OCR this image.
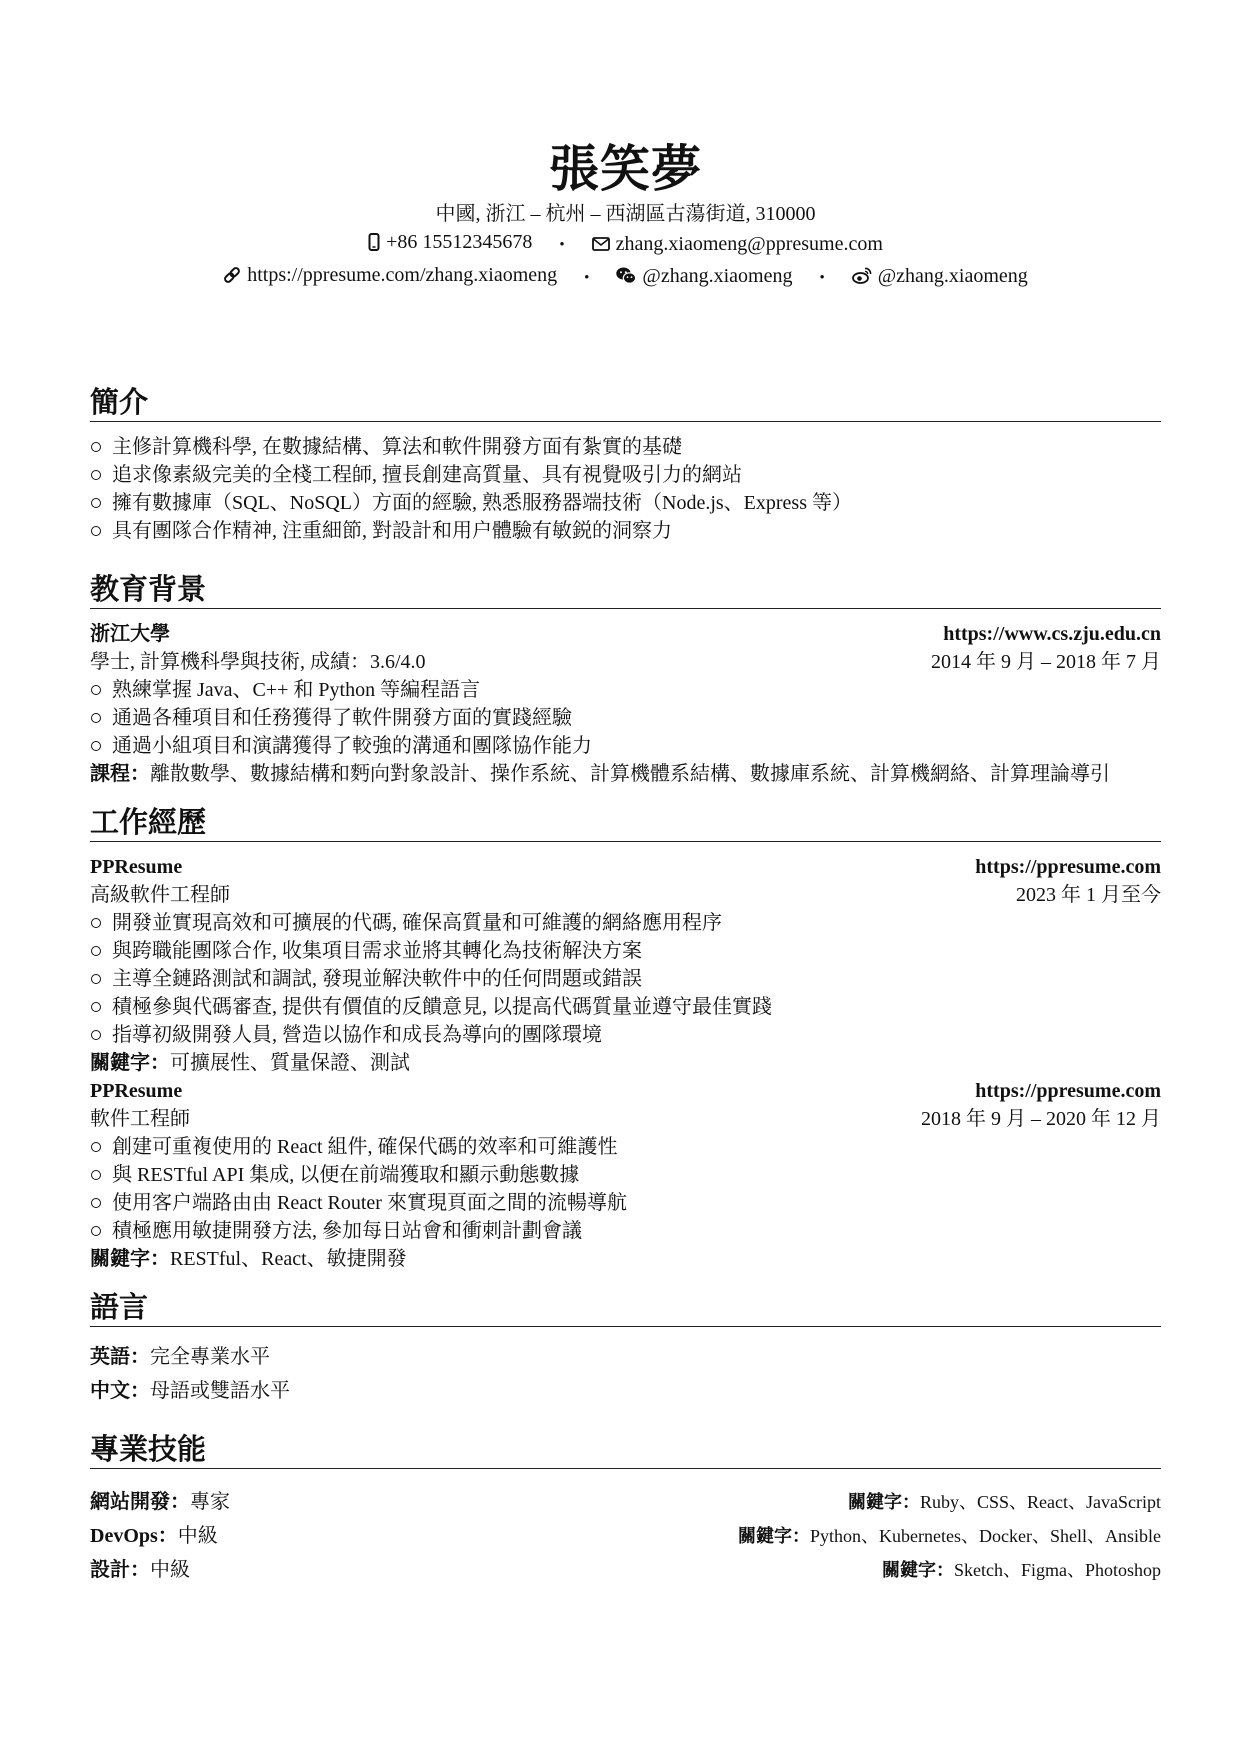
張笑夢
中國, 浙江 – 杭州 – 西湖區古蕩街道, 310000
+86 15512345678 •	zhang.xiaomeng@ppresume.com
https://ppresume.com/zhang.xiaomeng •	@zhang.xiaomeng •	@zhang.xiaomeng
簡介
主修計算機科學, 在數據結構、算法和軟件開發方面有紮實的基礎
追求像素級完美的全棧工程師, 擅長創建高質量、具有視覺吸引力的網站
擁有數據庫（SQL、NoSQL）方面的經驗, 熟悉服務器端技術（Node.js、Express 等）
具有團隊合作精神, 注重細節, 對設計和用户體驗有敏鋭的洞察力
教育背景
浙江大學	https://www.cs.zju.edu.cn
學士, 計算機科學與技術, 成績：3.6/4.0	2014 年 9 月 – 2018 年 7 月
熟練掌握 Java、C++ 和 Python 等編程語言
通過各種項目和任務獲得了軟件開發方面的實踐經驗
通過小組項目和演講獲得了較強的溝通和團隊協作能力
課程：離散數學、數據結構和麪向對象設計、操作系統、計算機體系結構、數據庫系統、計算機網絡、計算理論導引
工作經歷
PPResume	https://ppresume.com
高級軟件工程師	2023 年 1 月至今
開發並實現高效和可擴展的代碼, 確保高質量和可維護的網絡應用程序
與跨職能團隊合作, 收集項目需求並將其轉化為技術解決方案
主導全鏈路測試和調試, 發現並解決軟件中的任何問題或錯誤
積極參與代碼審查, 提供有價值的反饋意見, 以提高代碼質量並遵守最佳實踐
指導初級開發人員, 營造以協作和成長為導向的團隊環境
關鍵字：可擴展性、質量保證、測試
PPResume	https://ppresume.com
軟件工程師	2018 年 9 月 – 2020 年 12 月
創建可重複使用的 React 組件, 確保代碼的效率和可維護性
與 RESTful API 集成, 以便在前端獲取和顯示動態數據
使用客户端路由由 React Router 來實現頁面之間的流暢導航
積極應用敏捷開發方法, 參加每日站會和衝刺計劃會議
關鍵字：RESTful、React、敏捷開發
語言
英語：完全專業水平
中文：母語或雙語水平
專業技能
網站開發：專家	關鍵字：Ruby、CSS、React、JavaScript
DevOps：中級	關鍵字：Python、Kubernetes、Docker、Shell、Ansible
設計：中級	關鍵字：Sketch、Figma、Photoshop
